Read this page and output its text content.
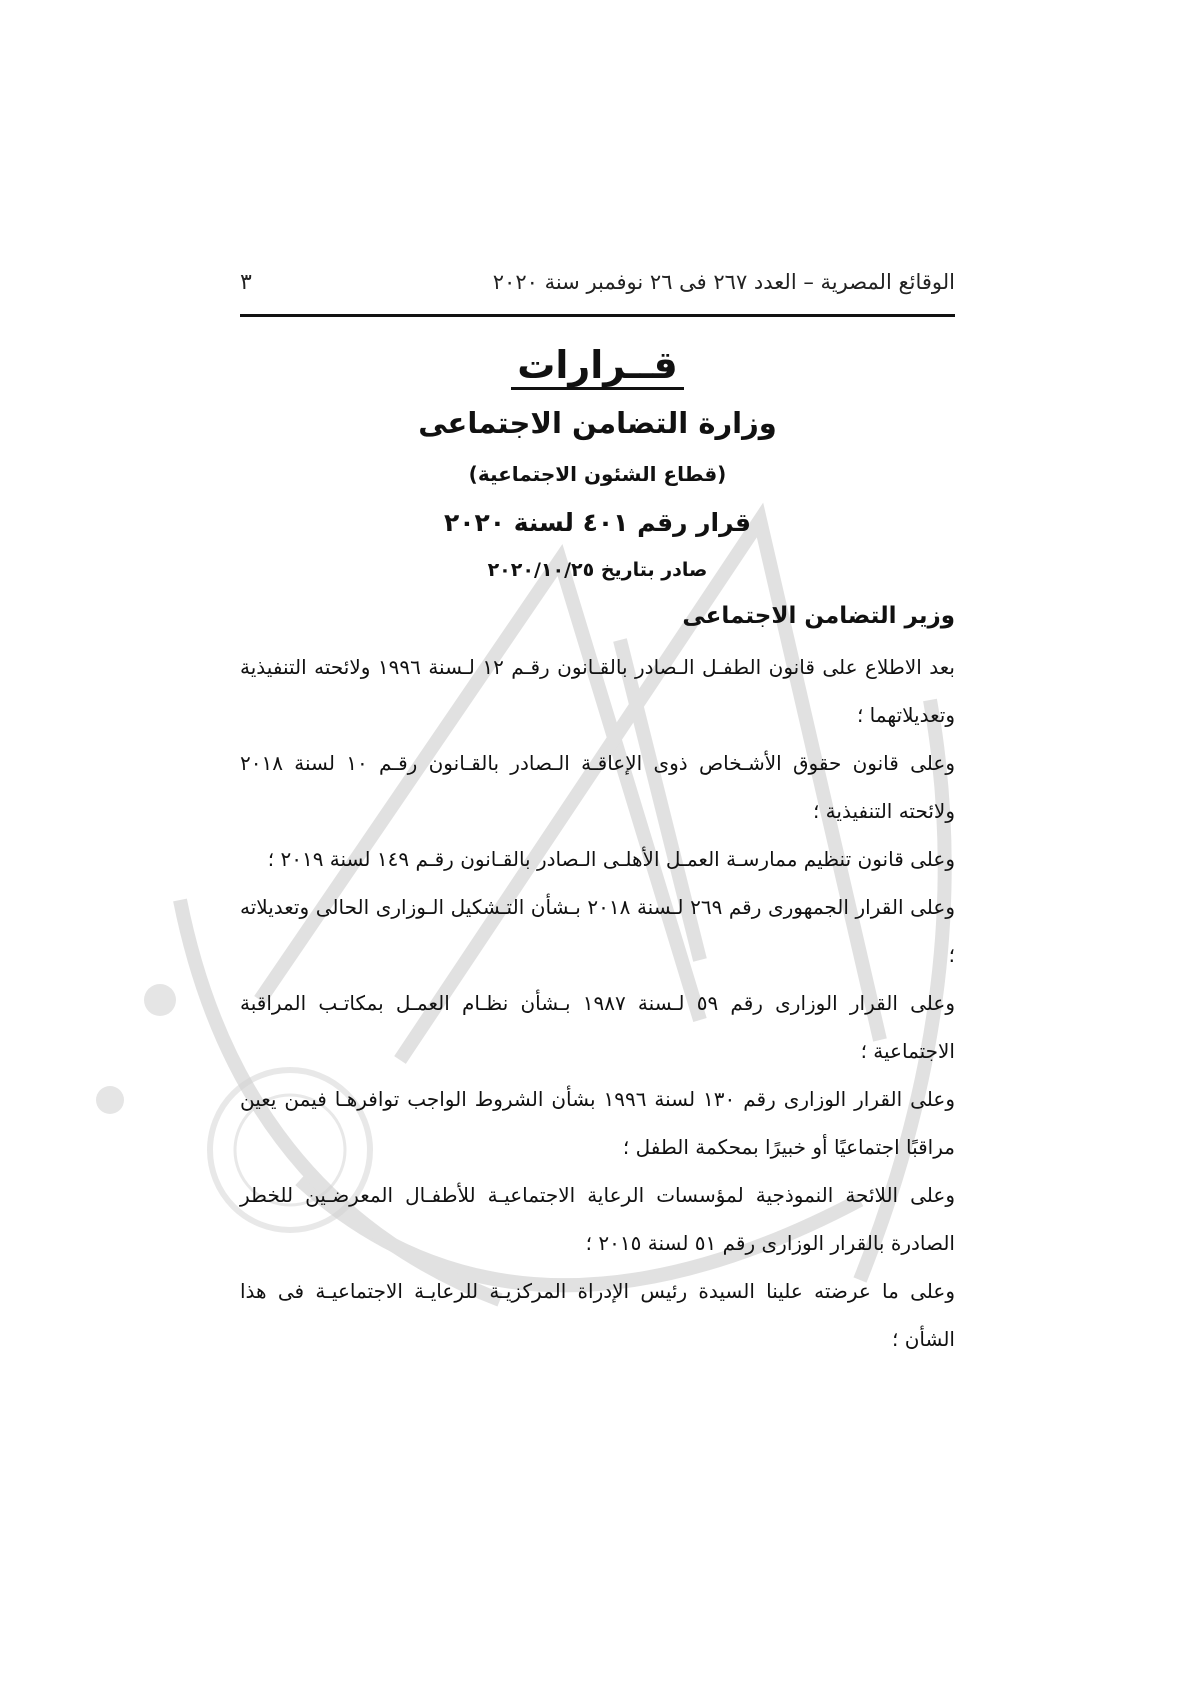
الوقائع المصرية – العدد ٢٦٧ فى ٢٦ نوفمبر سنة ٢٠٢٠
٣
قــرارات
وزارة التضامن الاجتماعى
(قطاع الشئون الاجتماعية)
قرار رقم ٤٠١ لسنة ٢٠٢٠
صادر بتاريخ ٢٠٢٠/١٠/٢٥
وزير التضامن الاجتماعى

بعد الاطلاع على قانون الطفـل الـصادر بالقـانون رقـم ١٢ لـسنة ١٩٩٦ ولائحته التنفيذية وتعديلاتهما ؛

وعلى قانون حقوق الأشـخاص ذوى الإعاقـة الـصادر بالقـانون رقـم ١٠ لسنة ٢٠١٨ ولائحته التنفيذية ؛

وعلى قانون تنظيم ممارسـة العمـل الأهلـى الـصادر بالقـانون رقـم ١٤٩ لسنة ٢٠١٩ ؛

وعلى القرار الجمهورى رقم ٢٦٩ لـسنة ٢٠١٨ بـشأن التـشكيل الـوزارى الحالى وتعديلاته ؛

وعلى القرار الوزارى رقم ٥٩ لـسنة ١٩٨٧ بـشأن نظـام العمـل بمكاتـب المراقبة الاجتماعية ؛

وعلى القرار الوزارى رقم ١٣٠ لسنة ١٩٩٦ بشأن الشروط الواجب توافرهـا فيمن يعين مراقبًا اجتماعيًا أو خبيرًا بمحكمة الطفل ؛

وعلى اللائحة النموذجية لمؤسسات الرعاية الاجتماعيـة للأطفـال المعرضـين للخطر الصادرة بالقرار الوزارى رقم ٥١ لسنة ٢٠١٥ ؛

وعلى ما عرضته علينا السيدة رئيس الإدراة المركزيـة للرعايـة الاجتماعيـة فى هذا الشأن ؛
